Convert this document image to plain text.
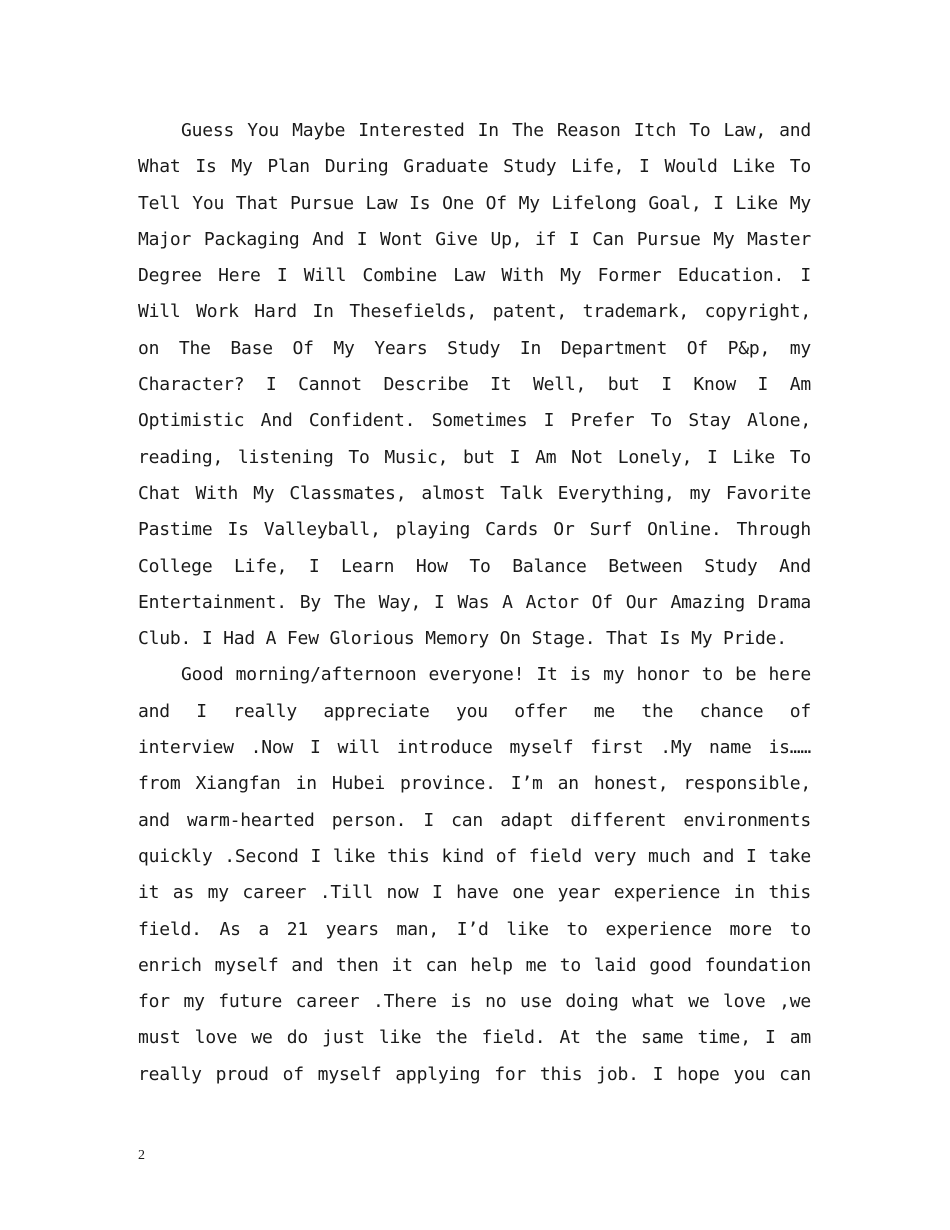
Guess You Maybe Interested In The Reason Itch To Law, and
What Is My Plan During Graduate Study Life, I Would Like To
Tell You That Pursue Law Is One Of My Lifelong Goal, I Like My
Major Packaging And I Wont Give Up, if I Can Pursue My Master
Degree Here I Will Combine Law With My Former Education. I
Will Work Hard In Thesefields, patent, trademark, copyright,
on The Base Of My Years Study In Department Of P&p, my
Character? I Cannot Describe It Well, but I Know I Am
Optimistic And Confident. Sometimes I Prefer To Stay Alone,
reading, listening To Music, but I Am Not Lonely, I Like To
Chat With My Classmates, almost Talk Everything, my Favorite
Pastime Is Valleyball, playing Cards Or Surf Online. Through
College Life, I Learn How To Balance Between Study And
Entertainment. By The Way, I Was A Actor Of Our Amazing Drama
Club. I Had A Few Glorious Memory On Stage. That Is My Pride.
Good morning/afternoon everyone! It is my honor to be here
and I really appreciate you offer me the chance of
interview .Now I will introduce myself first .My name is……
from Xiangfan in Hubei province. I’m an honest, responsible,
and warm-hearted person. I can adapt different environments
quickly .Second I like this kind of field very much and I take
it as my career .Till now I have one year experience in this
field. As a 21 years man, I’d like to experience more to
enrich myself and then it can help me to laid good foundation
for my future career .There is no use doing what we love ,we
must love we do just like the field. At the same time, I am
really proud of myself applying for this job. I hope you can
2
